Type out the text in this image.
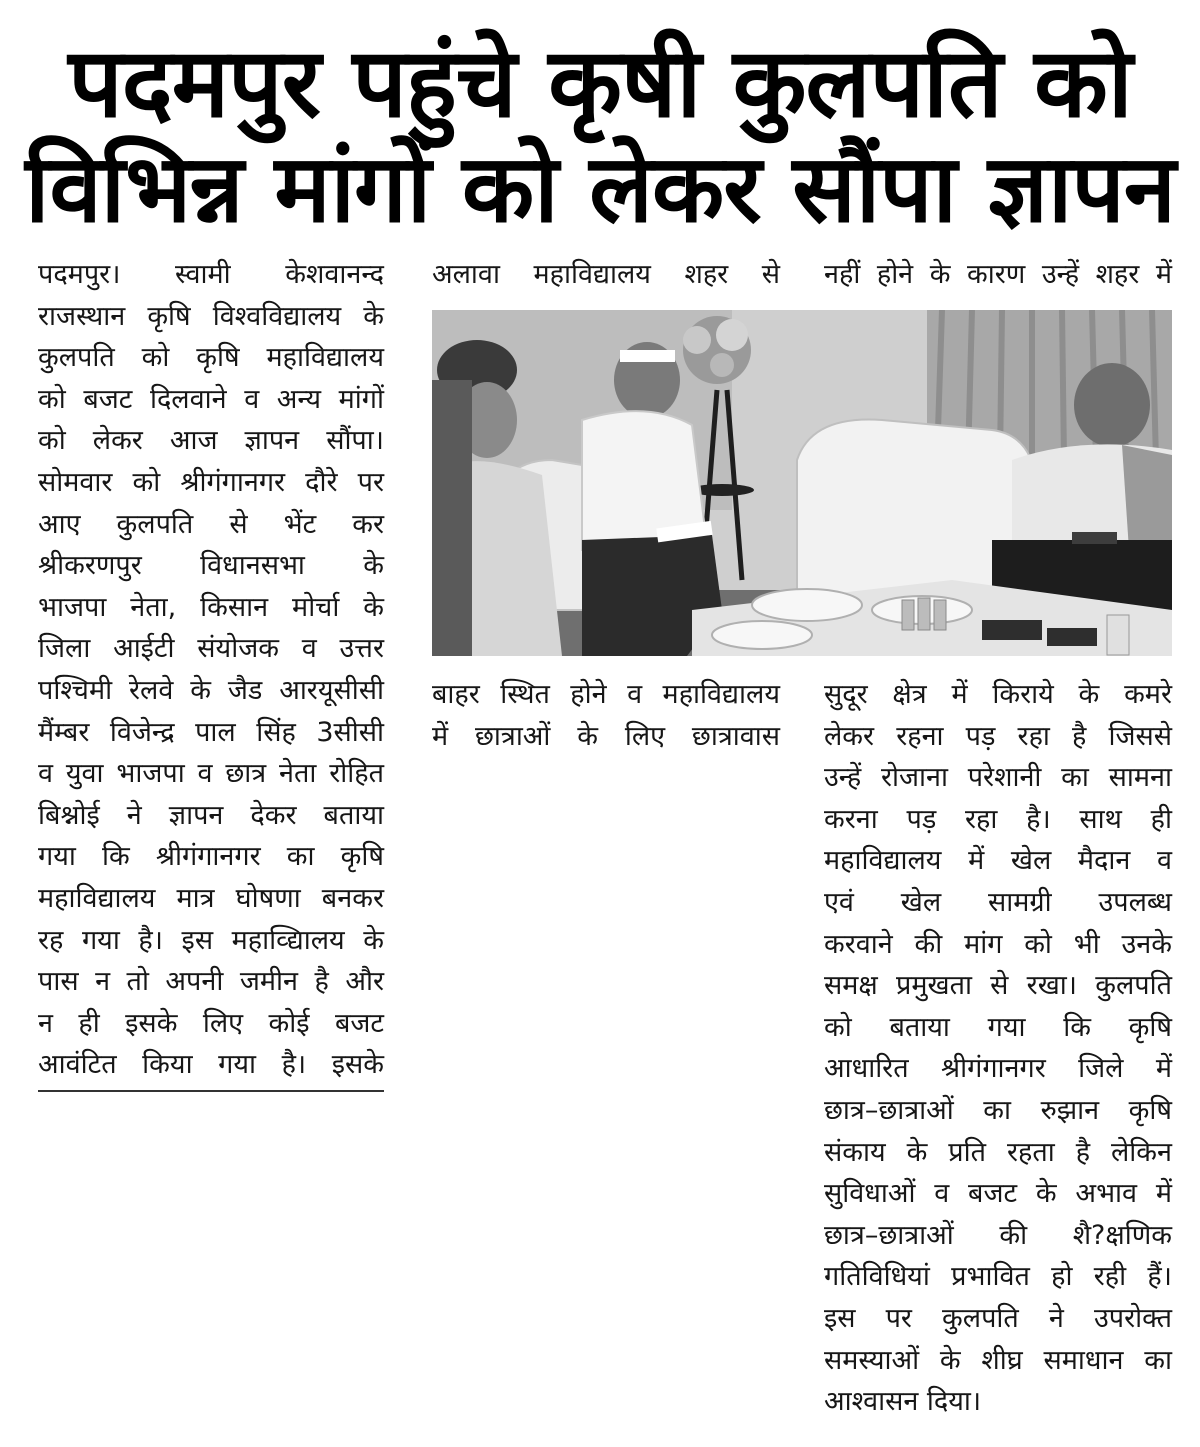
पदमपुर पहुंचे कृषी कुलपति को
विभिन्न मांगों को लेकर सौंपा ज्ञापन
पदमपुर। स्वामी केशवानन्द
राजस्थान कृषि विश्वविद्यालय के
कुलपति को कृषि महाविद्यालय
को बजट दिलवाने व अन्य मांगों
को लेकर आज ज्ञापन सौंपा।
सोमवार को श्रीगंगानगर दौरे पर
आए कुलपति से भेंट कर
श्रीकरणपुर विधानसभा के
भाजपा नेता, किसान मोर्चा के
जिला आईटी संयोजक व उत्तर
पश्चिमी रेलवे के जैड आरयूसीसी
मैंम्बर विजेन्द्र पाल सिंह 3सीसी
व युवा भाजपा व छात्र नेता रोहित
बिश्नोई ने ज्ञापन देकर बताया
गया कि श्रीगंगानगर का कृषि
महाविद्यालय मात्र घोषणा बनकर
रह गया है। इस महाव्द्यिालय के
पास न तो अपनी जमीन है और
न ही इसके लिए कोई बजट
आवंटित किया गया है। इसके
अलावा महाविद्यालय शहर से
बाहर स्थित होने व महाविद्यालय
में छात्राओं के लिए छात्रावास
नहीं होने के कारण उन्हें शहर में
सुदूर क्षेत्र में किराये के कमरे
लेकर रहना पड़ रहा है जिससे
उन्हें रोजाना परेशानी का सामना
करना पड़ रहा है। साथ ही
महाविद्यालय में खेल मैदान व
एवं खेल सामग्री उपलब्ध
करवाने की मांग को भी उनके
समक्ष प्रमुखता से रखा। कुलपति
को बताया गया कि कृषि
आधारित श्रीगंगानगर जिले में
छात्र–छात्राओं का रुझान कृषि
संकाय के प्रति रहता है लेकिन
सुविधाओं व बजट के अभाव में
छात्र–छात्राओं की शै?क्षणिक
गतिविधियां प्रभावित हो रही हैं।
इस पर कुलपति ने उपरोक्त
समस्याओं के शीघ्र समाधान का
आश्वासन दिया।
